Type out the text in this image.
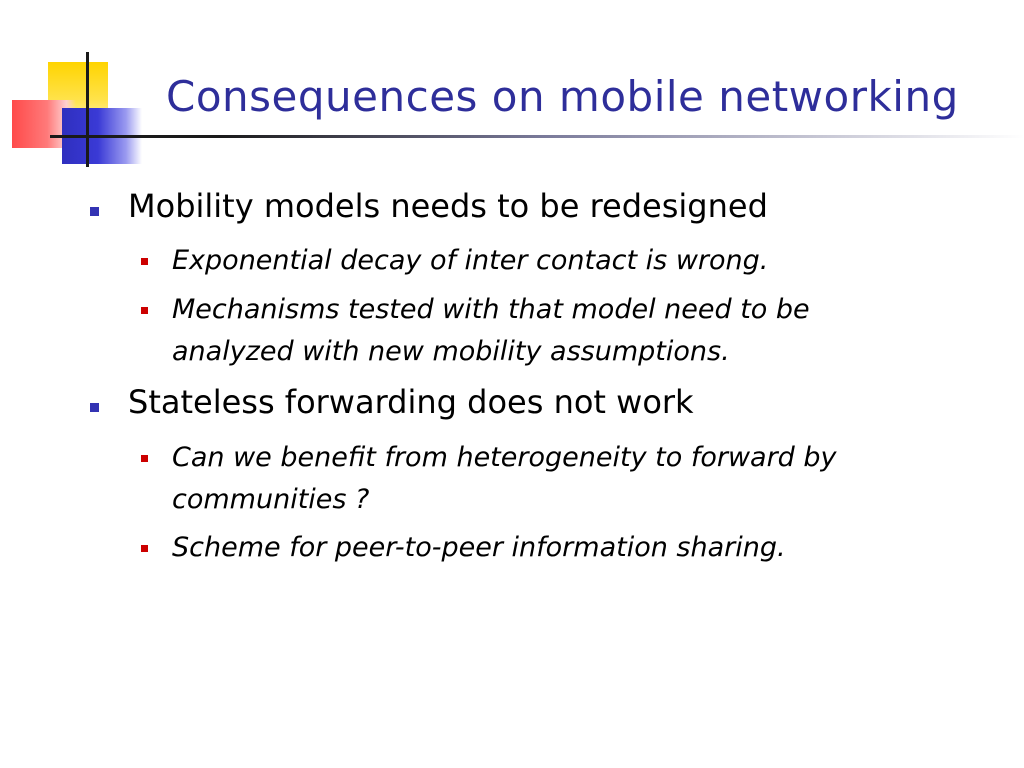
Consequences on mobile networking
Mobility models needs to be redesigned
Exponential decay of inter contact is wrong.
Mechanisms tested with that model need to be
analyzed with new mobility assumptions.
Stateless forwarding does not work
Can we benefit from heterogeneity to forward by
communities ?
Scheme for peer-to-peer information sharing.
